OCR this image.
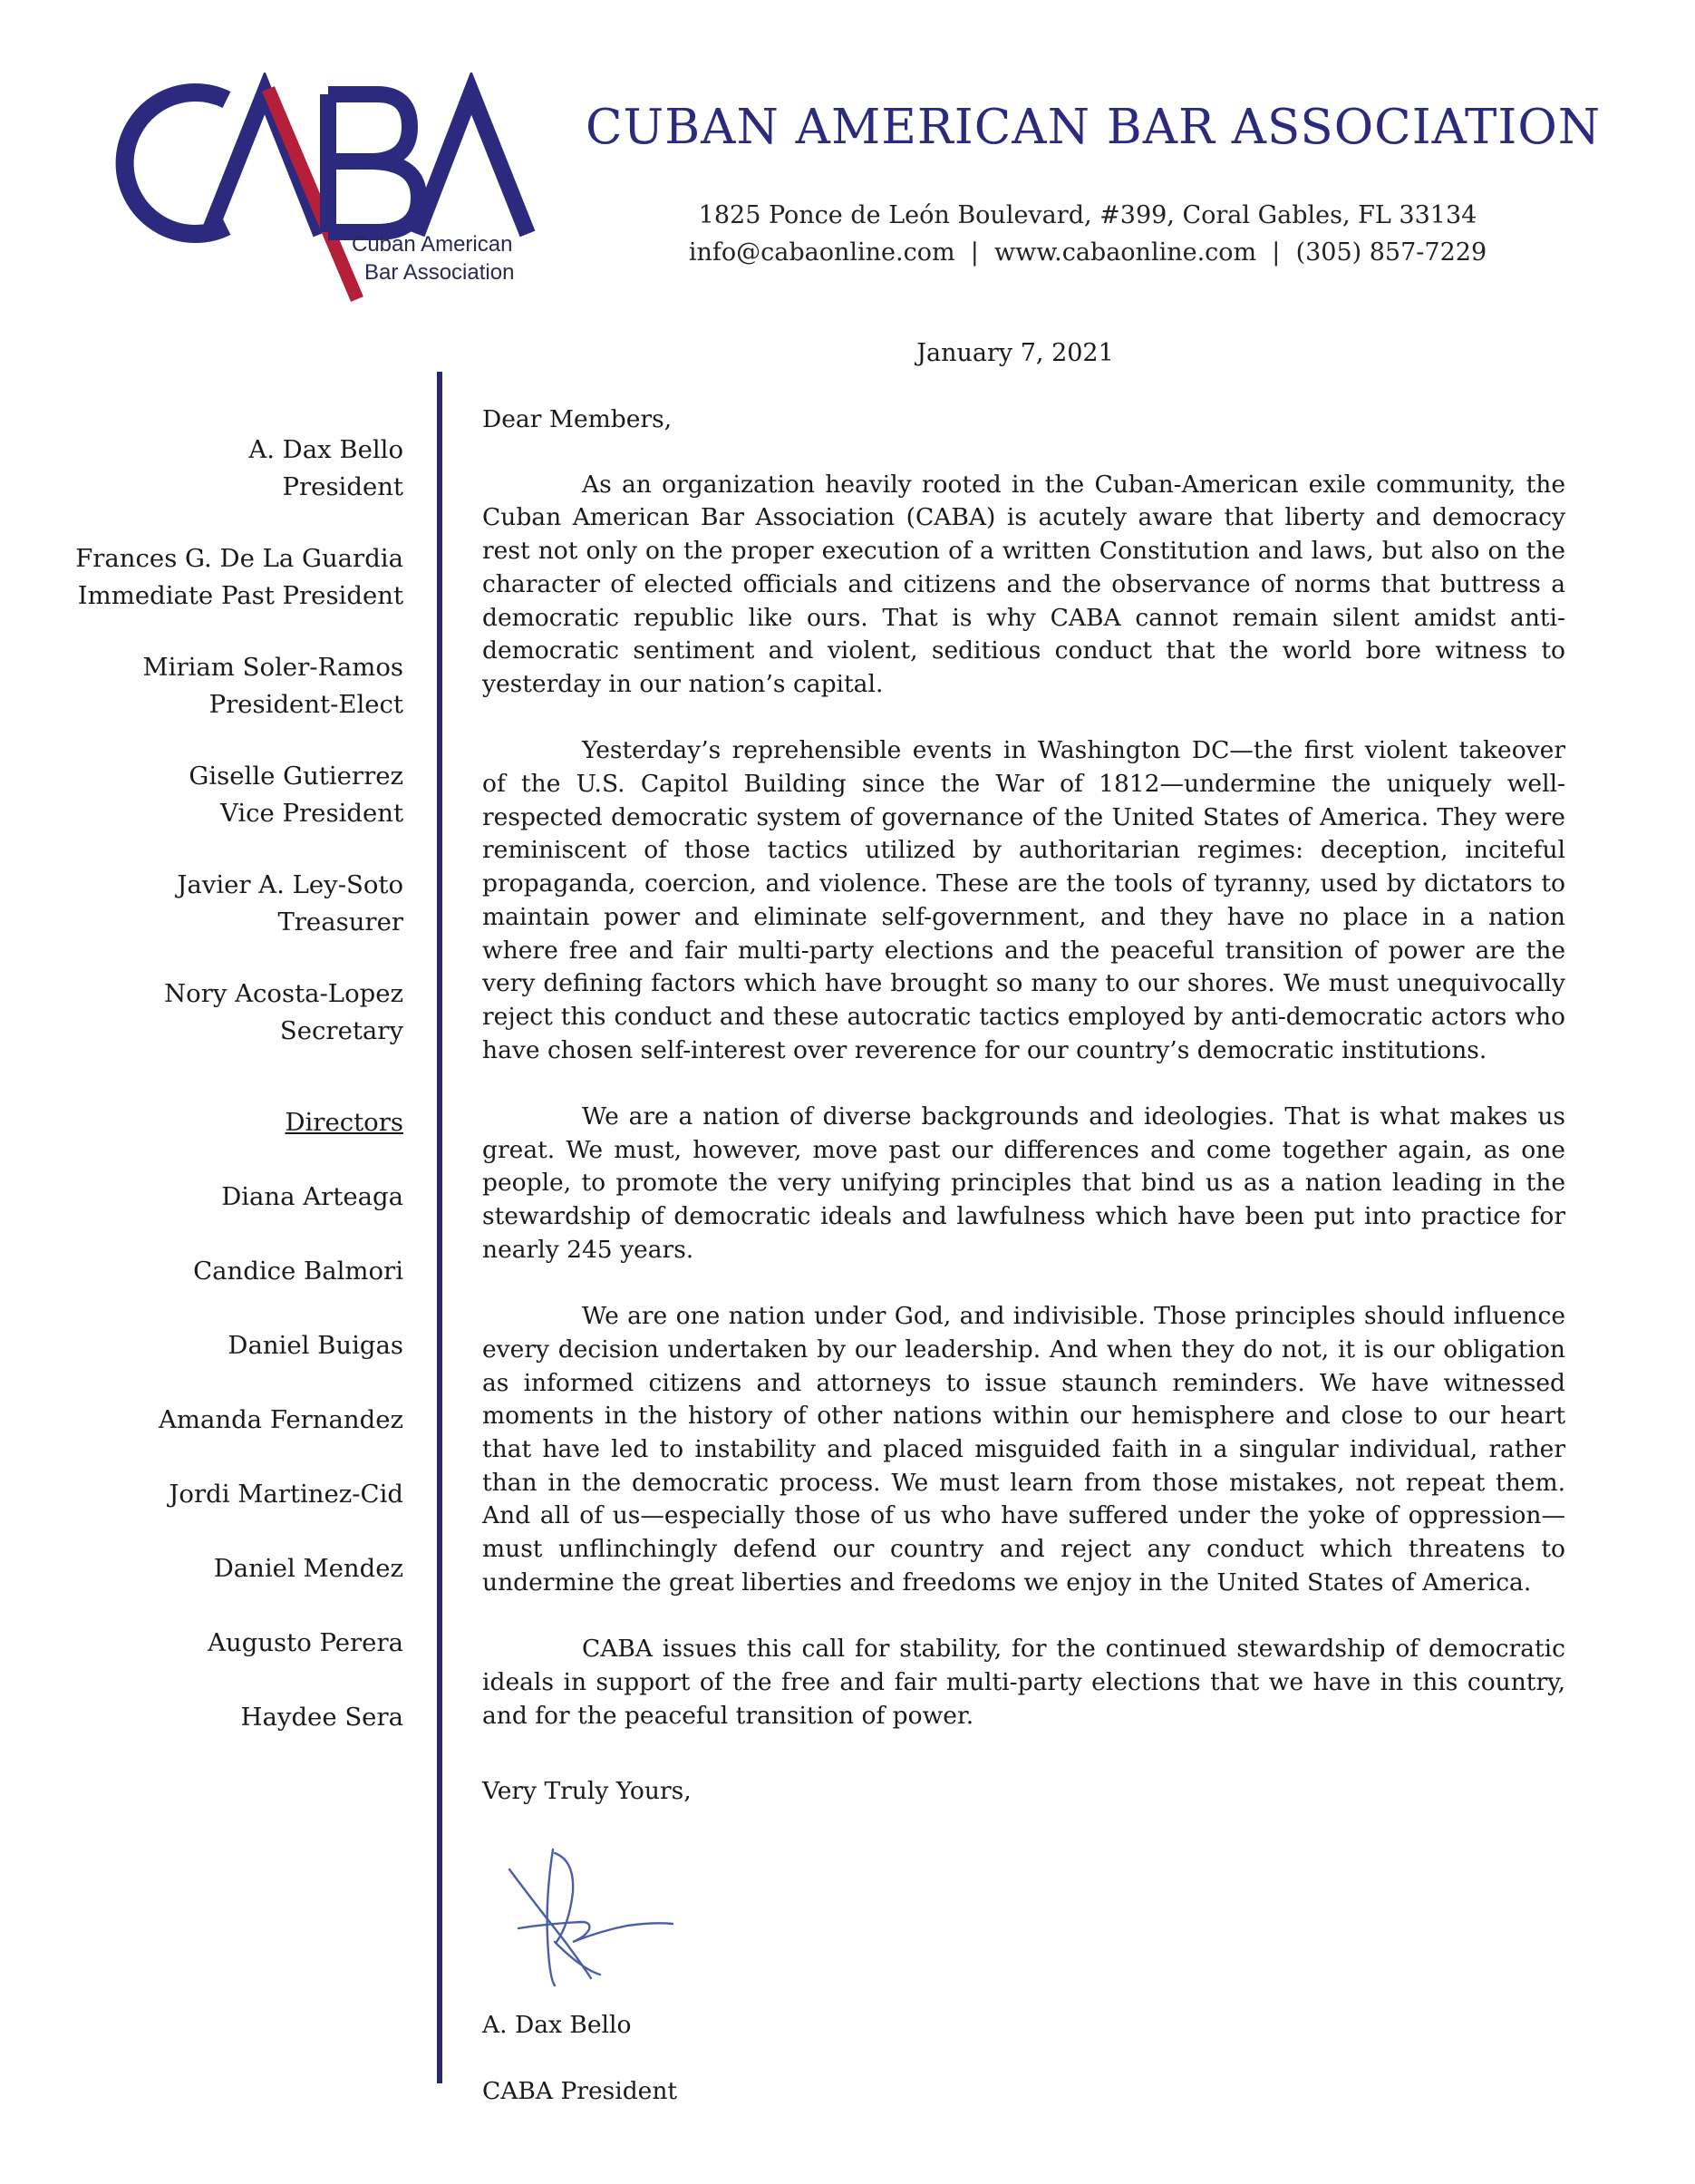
Cuban American
Bar Association
CUBAN AMERICAN BAR ASSOCIATION
1825 Ponce de León Boulevard, #399, Coral Gables, FL 33134
info@cabaonline.com  |  www.cabaonline.com  |  (305) 857-7229
January 7, 2021
A. Dax Bello
President
Frances G. De La Guardia
Immediate Past President
Miriam Soler-Ramos
President-Elect
Giselle Gutierrez
Vice President
Javier A. Ley-Soto
Treasurer
Nory Acosta-Lopez
Secretary
Directors
Diana Arteaga
Candice Balmori
Daniel Buigas
Amanda Fernandez
Jordi Martinez-Cid
Daniel Mendez
Augusto Perera
Haydee Sera

Dear Members,

As an organization heavily rooted in the Cuban-American exile community, the Cuban American Bar Association (CABA) is acutely aware that liberty and democracy rest not only on the proper execution of a written Constitution and laws, but also on the character of elected officials and citizens and the observance of norms that buttress a democratic republic like ours. That is why CABA cannot remain silent amidst anti-democratic sentiment and violent, seditious conduct that the world bore witness to yesterday in our nation’s capital.

Yesterday’s reprehensible events in Washington DC—the first violent takeover of the U.S. Capitol Building since the War of 1812—undermine the uniquely well-respected democratic system of governance of the United States of America. They were reminiscent of those tactics utilized by authoritarian regimes: deception, inciteful propaganda, coercion, and violence. These are the tools of tyranny, used by dictators to maintain power and eliminate self-government, and they have no place in a nation where free and fair multi-party elections and the peaceful transition of power are the very defining factors which have brought so many to our shores. We must unequivocally reject this conduct and these autocratic tactics employed by anti-democratic actors who have chosen self-interest over reverence for our country’s democratic institutions.

We are a nation of diverse backgrounds and ideologies. That is what makes us great. We must, however, move past our differences and come together again, as one people, to promote the very unifying principles that bind us as a nation leading in the stewardship of democratic ideals and lawfulness which have been put into practice for nearly 245 years.

We are one nation under God, and indivisible. Those principles should influence every decision undertaken by our leadership. And when they do not, it is our obligation as informed citizens and attorneys to issue staunch reminders. We have witnessed moments in the history of other nations within our hemisphere and close to our heart that have led to instability and placed misguided faith in a singular individual, rather than in the democratic process. We must learn from those mistakes, not repeat them. And all of us—especially those of us who have suffered under the yoke of oppression—must unflinchingly defend our country and reject any conduct which threatens to undermine the great liberties and freedoms we enjoy in the United States of America.

CABA issues this call for stability, for the continued stewardship of democratic ideals in support of the free and fair multi-party elections that we have in this country, and for the peaceful transition of power.

Very Truly Yours,

A. Dax Bello

CABA President
